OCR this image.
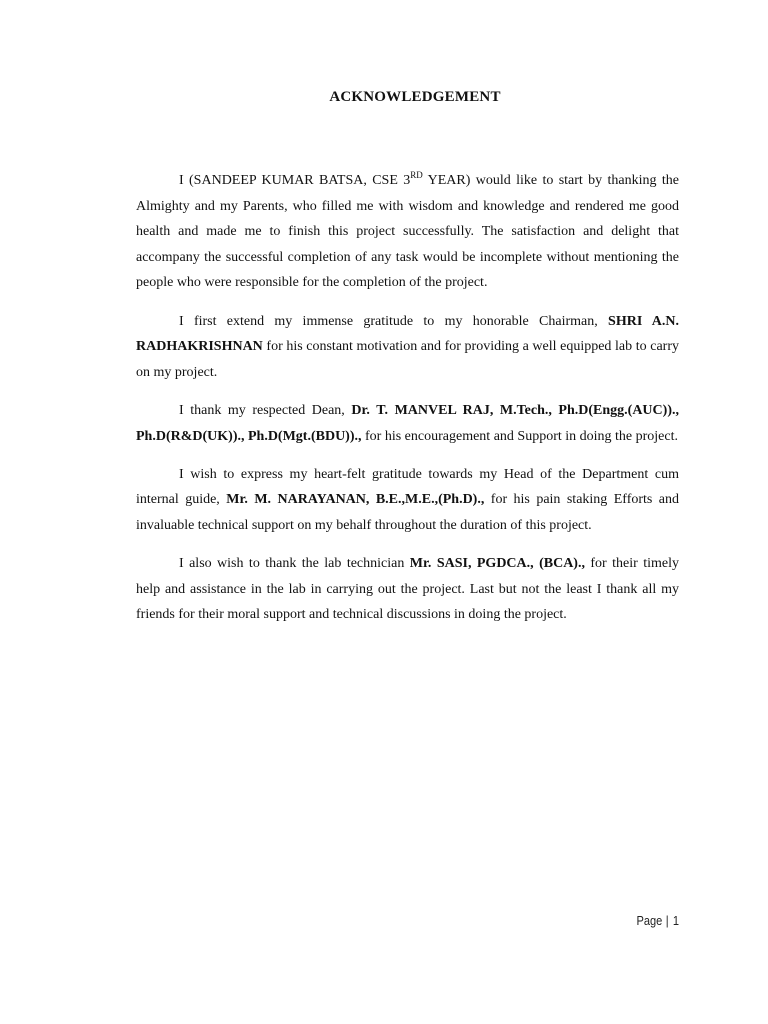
ACKNOWLEDGEMENT

I (SANDEEP KUMAR BATSA, CSE 3RD YEAR) would like to start by thanking the Almighty and my Parents, who filled me with wisdom and knowledge and rendered me good health and made me to finish this project successfully. The satisfaction and delight that accompany the successful completion of any task would be incomplete without mentioning the people who were responsible for the completion of the project.

I first extend my immense gratitude to my honorable Chairman, SHRI A.N. RADHAKRISHNAN for his constant motivation and for providing a well equipped lab to carry on my project.

I thank my respected Dean, Dr. T. MANVEL RAJ, M.Tech., Ph.D(Engg.(AUC))., Ph.D(R&D(UK))., Ph.D(Mgt.(BDU))., for his encouragement and Support in doing the project.

I wish to express my heart-felt gratitude towards my Head of the Department cum internal guide, Mr. M. NARAYANAN, B.E.,M.E.,(Ph.D)., for his pain staking Efforts and invaluable technical support on my behalf throughout the duration of this project.

I also wish to thank the lab technician Mr. SASI, PGDCA., (BCA)., for their timely help and assistance in the lab in carrying out the project. Last but not the least I thank all my friends for their moral support and technical discussions in doing the project.

Page | 1
